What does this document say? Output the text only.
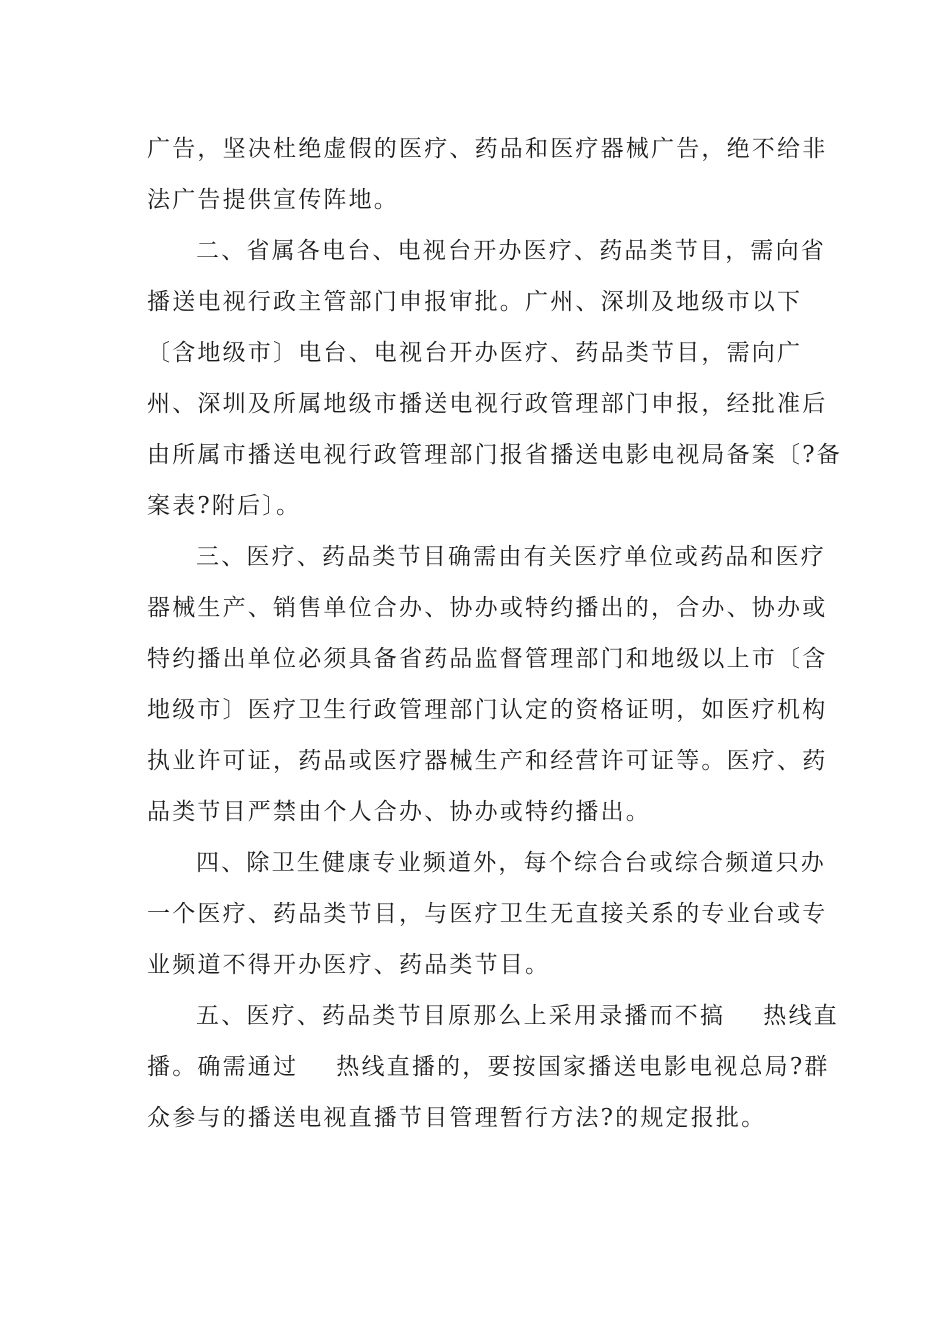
广告，坚决杜绝虚假的医疗、药品和医疗器械广告，绝不给非
法广告提供宣传阵地。
二、省属各电台、电视台开办医疗、药品类节目，需向省
播送电视行政主管部门申报审批。广州、深圳及地级市以下
〔含地级市〕电台、电视台开办医疗、药品类节目，需向广
州、深圳及所属地级市播送电视行政管理部门申报，经批准后
由所属市播送电视行政管理部门报省播送电影电视局备案〔?备
案表?附后〕。
三、医疗、药品类节目确需由有关医疗单位或药品和医疗
器械生产、销售单位合办、协办或特约播出的，合办、协办或
特约播出单位必须具备省药品监督管理部门和地级以上市〔含
地级市〕医疗卫生行政管理部门认定的资格证明，如医疗机构
执业许可证，药品或医疗器械生产和经营许可证等。医疗、药
品类节目严禁由个人合办、协办或特约播出。
四、除卫生健康专业频道外，每个综合台或综合频道只办
一个医疗、药品类节目，与医疗卫生无直接关系的专业台或专
业频道不得开办医疗、药品类节目。
五、医疗、药品类节目原那么上采用录播而不搞    热线直
播。确需通过    热线直播的，要按国家播送电影电视总局?群
众参与的播送电视直播节目管理暂行方法?的规定报批。
